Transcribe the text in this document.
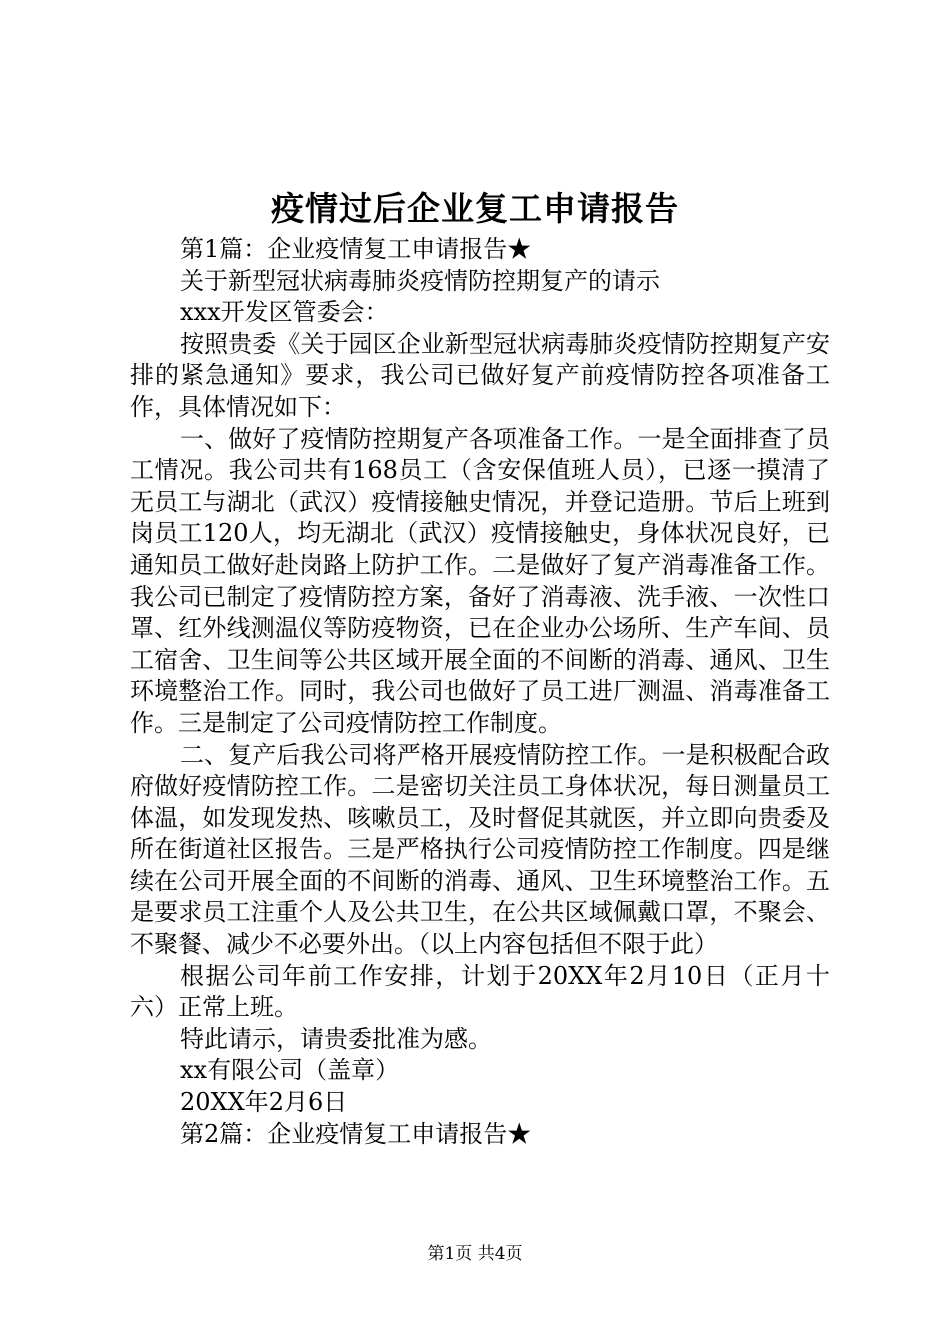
疫情过后企业复工申请报告

第1篇：企业疫情复工申请报告★

关于新型冠状病毒肺炎疫情防控期复产的请示

xxx开发区管委会：

按照贵委《关于园区企业新型冠状病毒肺炎疫情防控期复产安排的紧急通知》要求，我公司已做好复产前疫情防控各项准备工作，具体情况如下：

一、做好了疫情防控期复产各项准备工作。一是全面排查了员工情况。我公司共有168员工（含安保值班人员），已逐一摸清了无员工与湖北（武汉）疫情接触史情况，并登记造册。节后上班到岗员工120人，均无湖北（武汉）疫情接触史，身体状况良好，已通知员工做好赴岗路上防护工作。二是做好了复产消毒准备工作。我公司已制定了疫情防控方案，备好了消毒液、洗手液、一次性口罩、红外线测温仪等防疫物资，已在企业办公场所、生产车间、员工宿舍、卫生间等公共区域开展全面的不间断的消毒、通风、卫生环境整治工作。同时，我公司也做好了员工进厂测温、消毒准备工作。三是制定了公司疫情防控工作制度。

二、复产后我公司将严格开展疫情防控工作。一是积极配合政府做好疫情防控工作。二是密切关注员工身体状况，每日测量员工体温，如发现发热、咳嗽员工，及时督促其就医，并立即向贵委及所在街道社区报告。三是严格执行公司疫情防控工作制度。四是继续在公司开展全面的不间断的消毒、通风、卫生环境整治工作。五是要求员工注重个人及公共卫生，在公共区域佩戴口罩，不聚会、不聚餐、减少不必要外出。（以上内容包括但不限于此）

根据公司年前工作安排，计划于20XX年2月10日（正月十六）正常上班。

特此请示，请贵委批准为感。

xx有限公司（盖章）

20XX年2月6日

第2篇：企业疫情复工申请报告★

第1页 共4页
